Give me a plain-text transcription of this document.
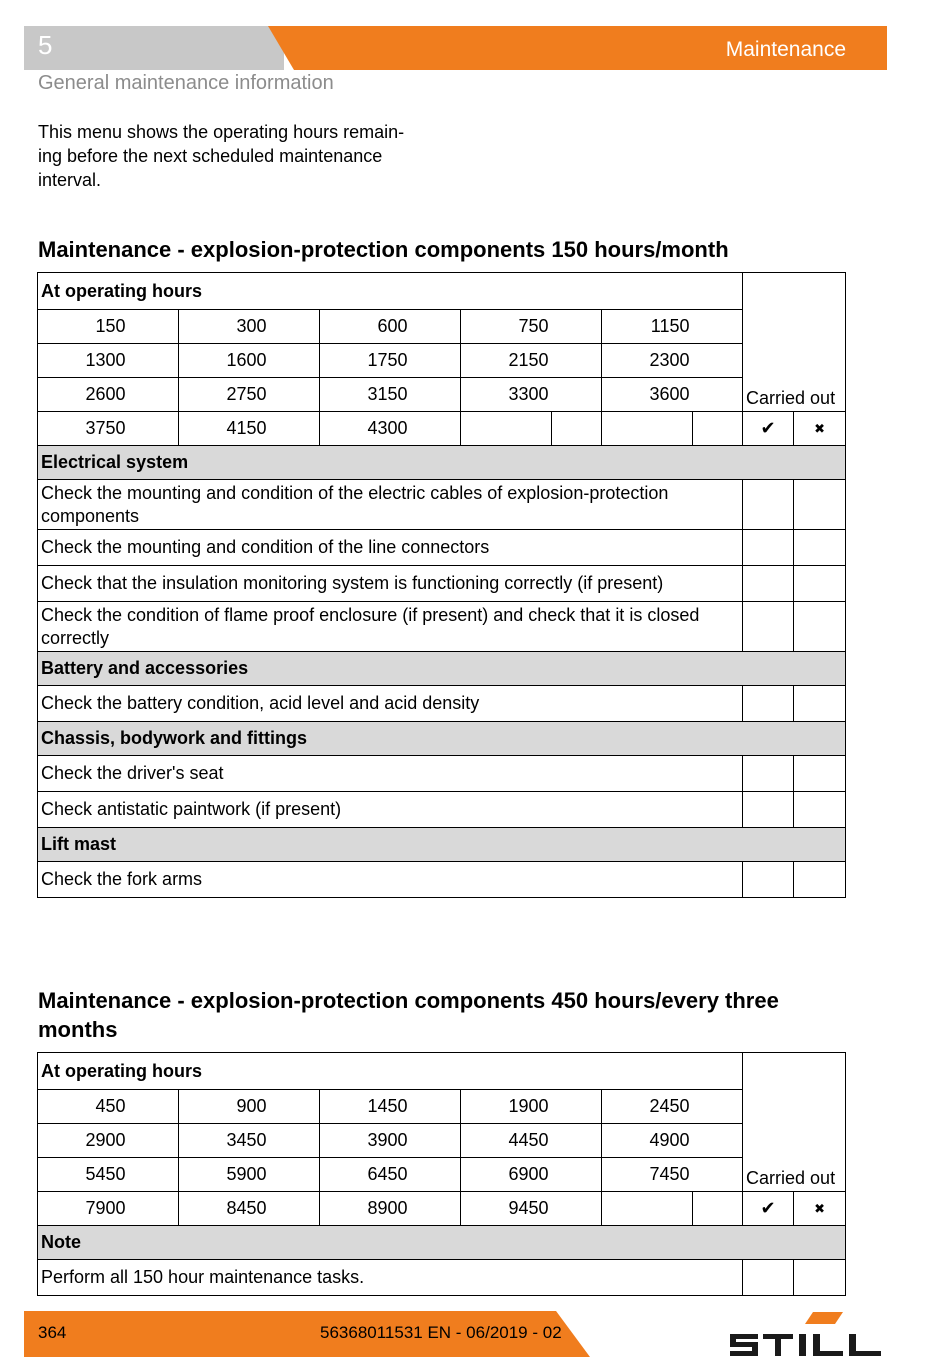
5	Maintenance
General maintenance information
This menu shows the operating hours remain-
ing before the next scheduled maintenance
interval.
Maintenance - explosion-protection components 150 hours/month
At operating hours										Carried out	
150		300		600		750		1150			
1300		1600		1750		2150		2300			
2600		2750		3150		3300		3600			
3750		4150		4300						✔	✖
Electrical system											
Check the mounting and condition of the electric cables of explosion-protection components											
Check the mounting and condition of the line connectors											
Check that the insulation monitoring system is functioning correctly (if present)											
Check the condition of flame proof enclosure (if present) and check that it is closed correctly											
Battery and accessories											
Check the battery condition, acid level and acid density											
Chassis, bodywork and fittings											
Check the driver's seat											
Check antistatic paintwork (if present)											
Lift mast											
Check the fork arms											
Maintenance - explosion-protection components 450 hours/every three months
At operating hours										Carried out	
450		900		1450		1900		2450			
2900		3450		3900		4450		4900			
5450		5900		6450		6900		7450			
7900		8450		8900		9450				✔	✖
Note											
Perform all 150 hour maintenance tasks.											
364	56368011531 EN - 06/2019 - 02
